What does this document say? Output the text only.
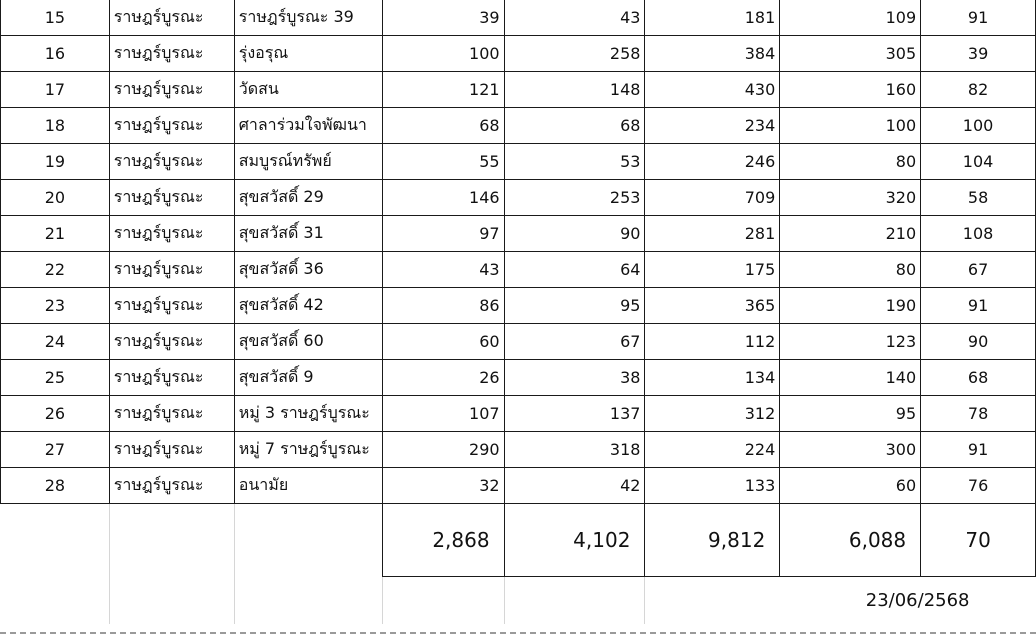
15	ราษฎร์บูรณะ	ราษฎร์บูรณะ 39	39	43	181	109	91
16	ราษฎร์บูรณะ	รุ่งอรุณ	100	258	384	305	39
17	ราษฎร์บูรณะ	วัดสน	121	148	430	160	82
18	ราษฎร์บูรณะ	ศาลาร่วมใจพัฒนา	68	68	234	100	100
19	ราษฎร์บูรณะ	สมบูรณ์ทรัพย์	55	53	246	80	104
20	ราษฎร์บูรณะ	สุขสวัสดิ์ 29	146	253	709	320	58
21	ราษฎร์บูรณะ	สุขสวัสดิ์ 31	97	90	281	210	108
22	ราษฎร์บูรณะ	สุขสวัสดิ์ 36	43	64	175	80	67
23	ราษฎร์บูรณะ	สุขสวัสดิ์ 42	86	95	365	190	91
24	ราษฎร์บูรณะ	สุขสวัสดิ์ 60	60	67	112	123	90
25	ราษฎร์บูรณะ	สุขสวัสดิ์ 9	26	38	134	140	68
26	ราษฎร์บูรณะ	หมู่ 3 ราษฎร์บูรณะ	107	137	312	95	78
27	ราษฎร์บูรณะ	หมู่ 7 ราษฎร์บูรณะ	290	318	224	300	91
28	ราษฎร์บูรณะ	อนามัย	32	42	133	60	76
			2,868	4,102	9,812	6,088	70
					23/06/2568		
